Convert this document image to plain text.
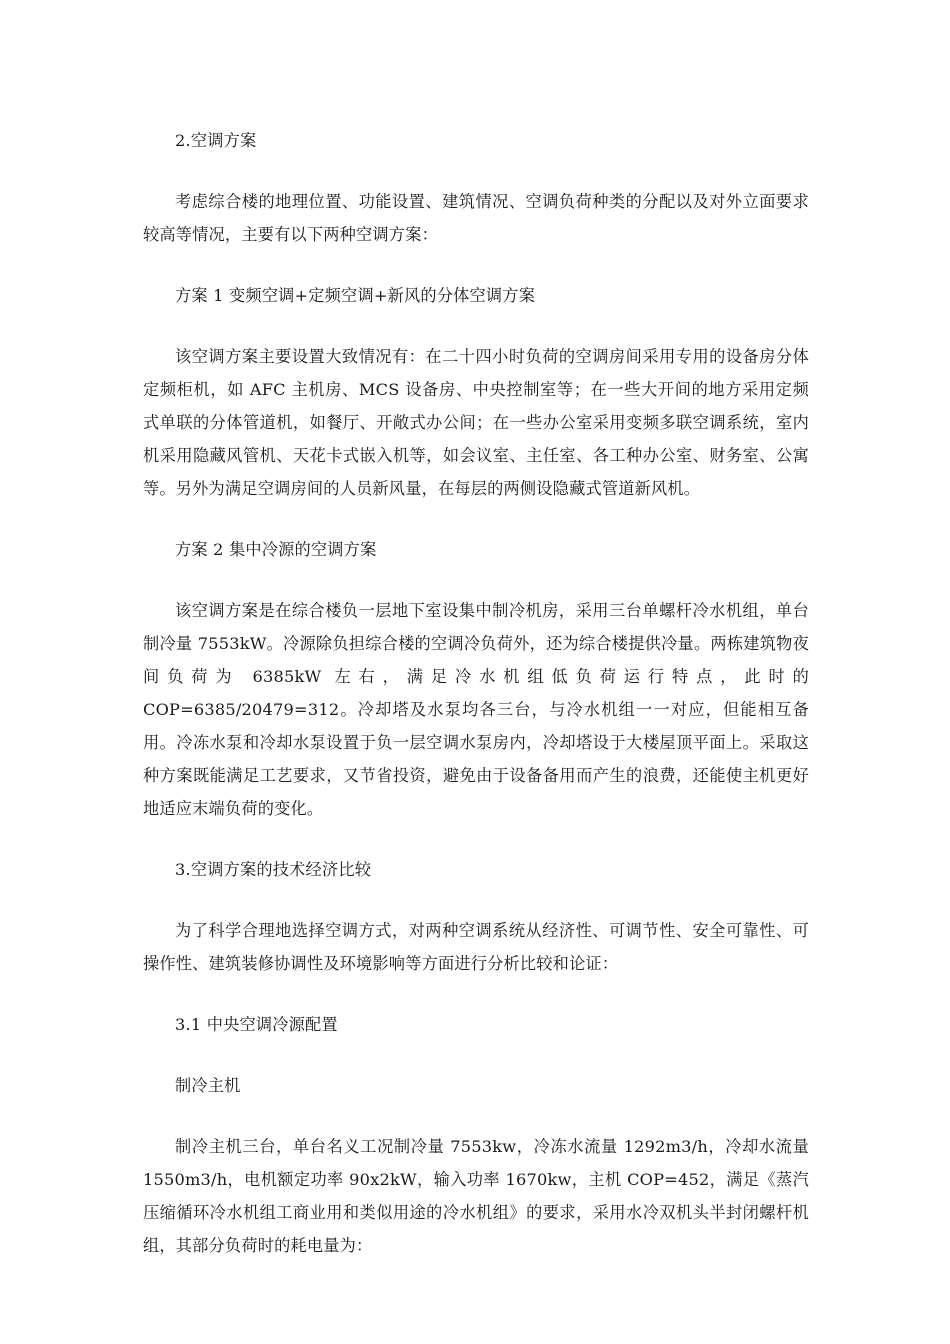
2.空调方案

考虑综合楼的地理位置、功能设置、建筑情况、空调负荷种类的分配以及对外立面要求较高等情况，主要有以下两种空调方案：

方案 1 变频空调+定频空调+新风的分体空调方案

该空调方案主要设置大致情况有：在二十四小时负荷的空调房间采用专用的设备房分体定频柜机，如 AFC 主机房、MCS 设备房、中央控制室等；在一些大开间的地方采用定频式单联的分体管道机，如餐厅、开敞式办公间；在一些办公室采用变频多联空调系统，室内机采用隐藏风管机、天花卡式嵌入机等，如会议室、主任室、各工种办公室、财务室、公寓等。另外为满足空调房间的人员新风量，在每层的两侧设隐藏式管道新风机。

方案 2 集中冷源的空调方案

该空调方案是在综合楼负一层地下室设集中制冷机房，采用三台单螺杆冷水机组，单台制冷量 7553kW。冷源除负担综合楼的空调冷负荷外，还为综合楼提供冷量。两栋建筑物夜间负荷为 6385kW 左右，满足冷水机组低负荷运行特点，此时的 COP=6385/20479=312。冷却塔及水泵均各三台，与冷水机组一一对应，但能相互备用。冷冻水泵和冷却水泵设置于负一层空调水泵房内，冷却塔设于大楼屋顶平面上。采取这种方案既能满足工艺要求，又节省投资，避免由于设备备用而产生的浪费，还能使主机更好地适应末端负荷的变化。

3.空调方案的技术经济比较

为了科学合理地选择空调方式，对两种空调系统从经济性、可调节性、安全可靠性、可操作性、建筑装修协调性及环境影响等方面进行分析比较和论证：

3.1 中央空调冷源配置

制冷主机

制冷主机三台，单台名义工况制冷量 7553kw，冷冻水流量 1292m3/h，冷却水流量 1550m3/h，电机额定功率 90x2kW，输入功率 1670kw，主机 COP=452，满足《蒸汽压缩循环冷水机组工商业用和类似用途的冷水机组》的要求，采用水冷双机头半封闭螺杆机组，其部分负荷时的耗电量为：
